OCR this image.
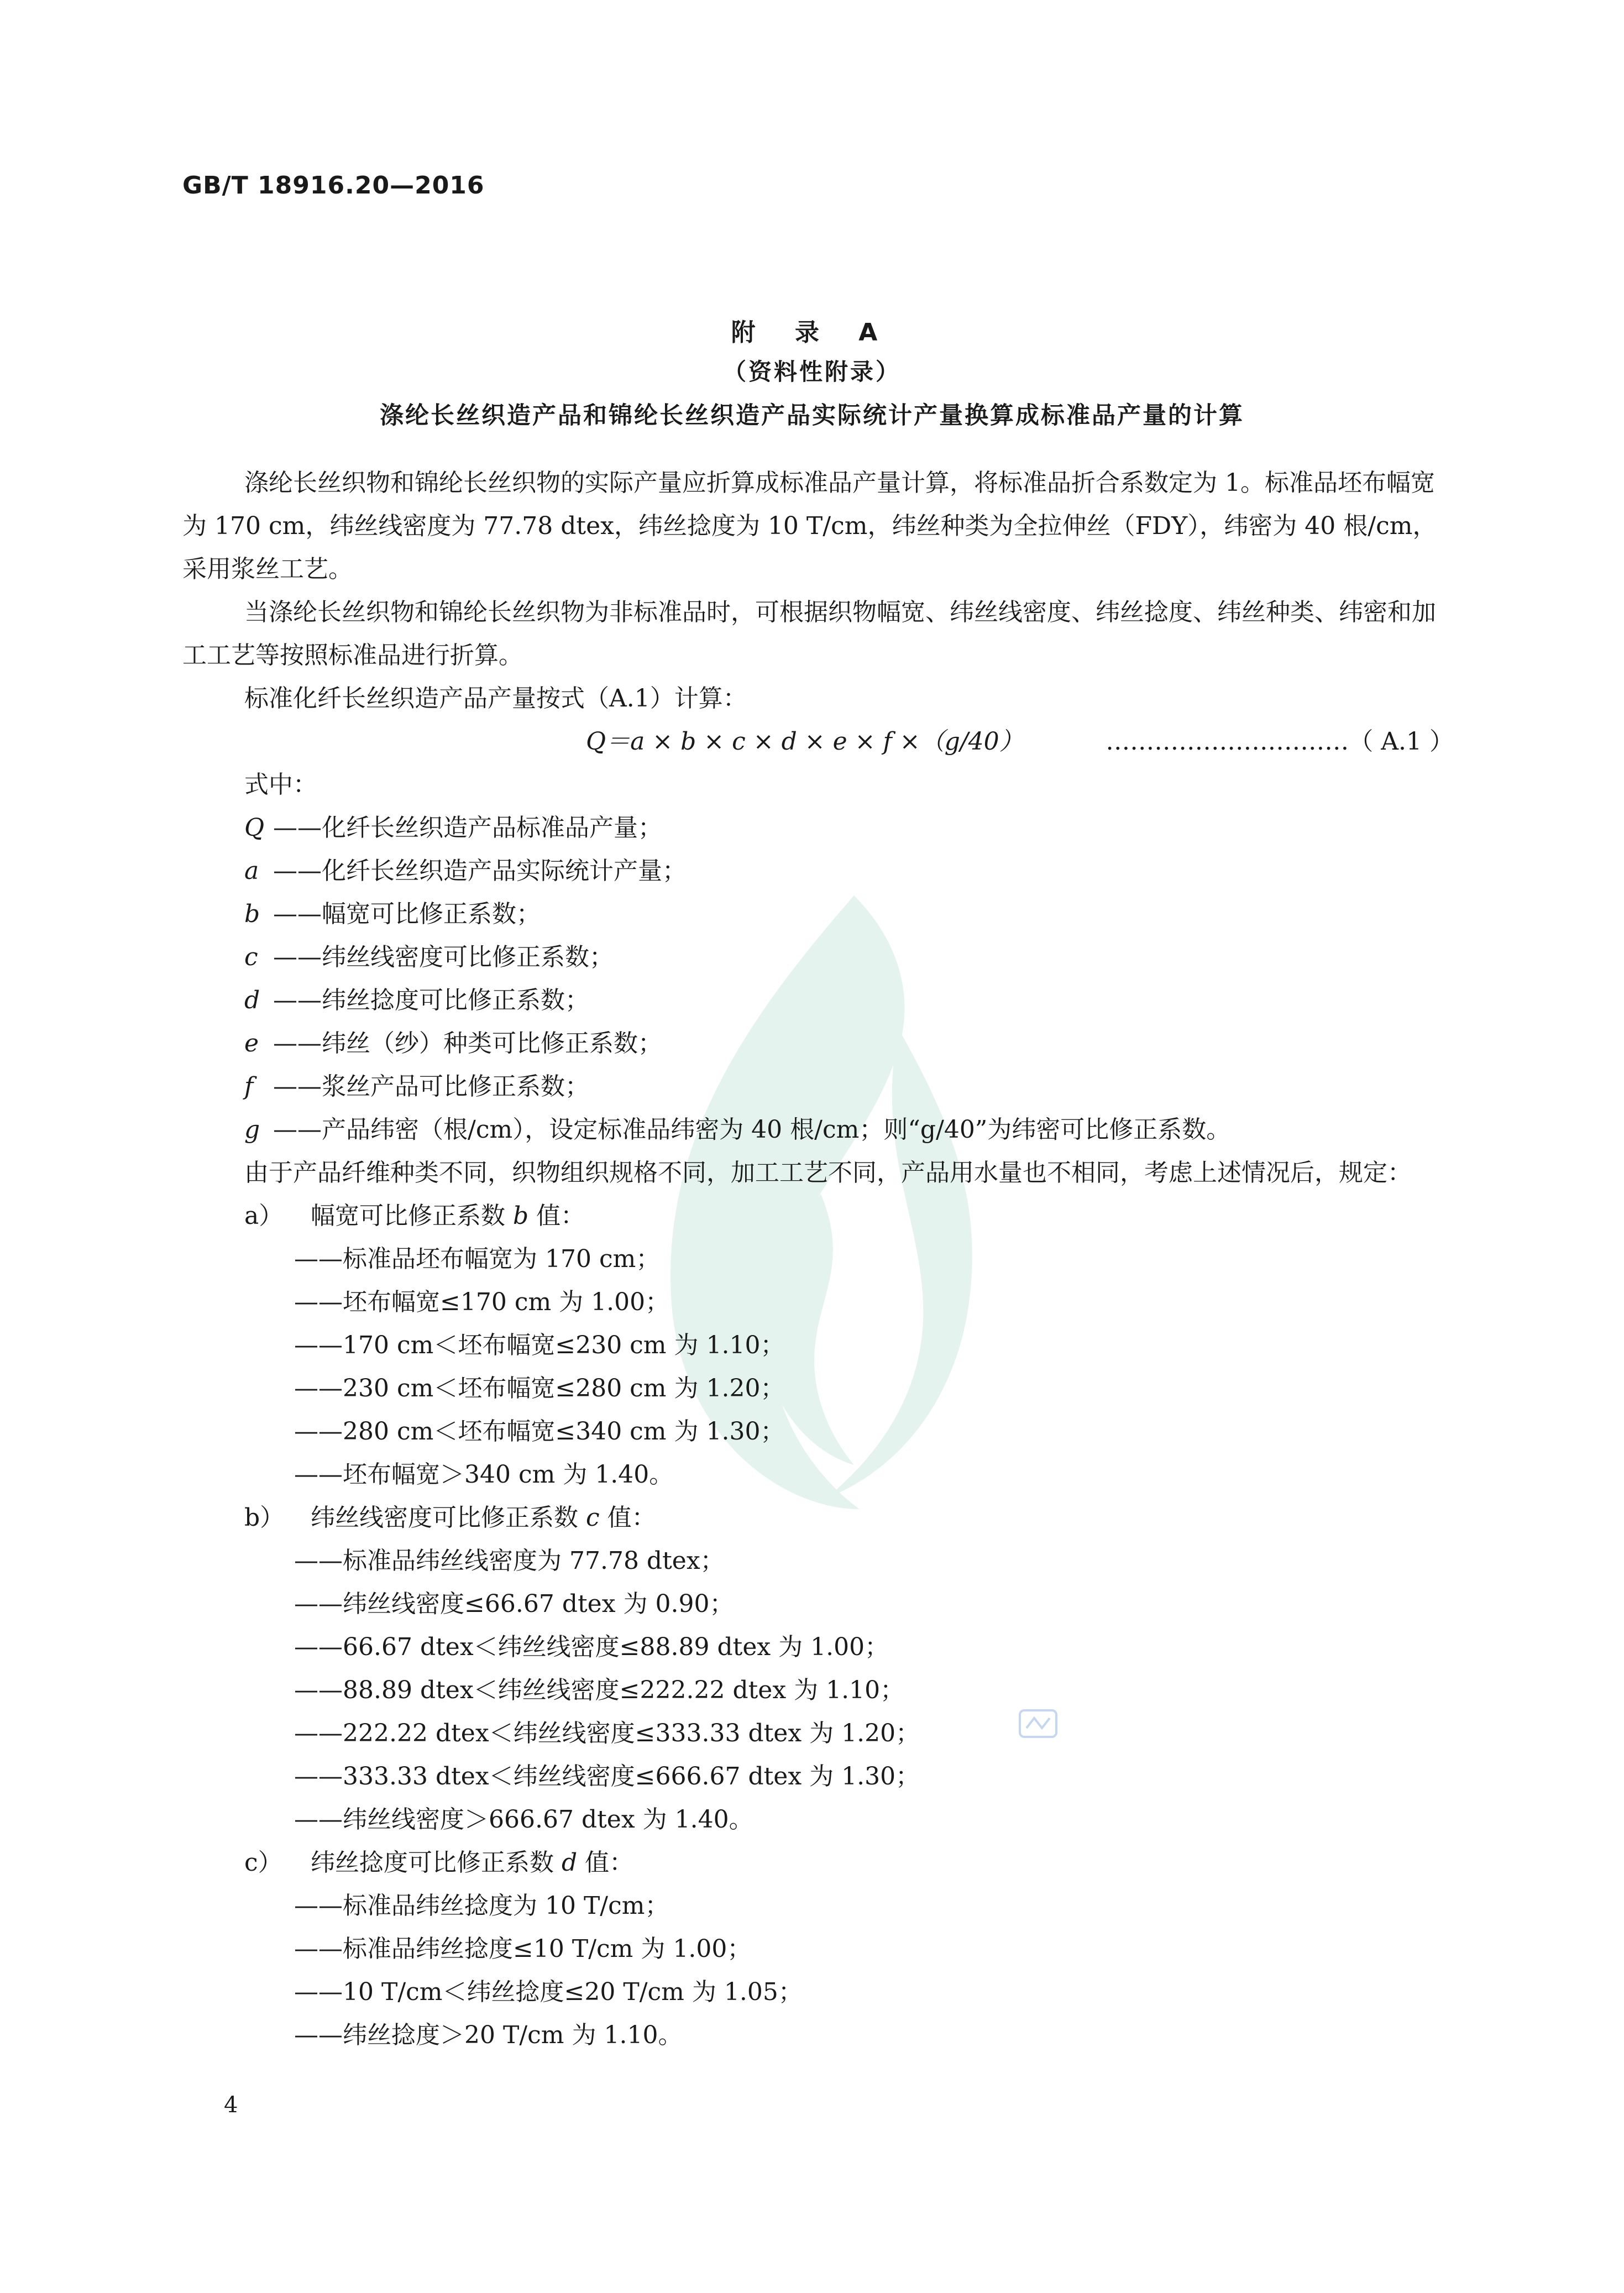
GB/T 18916.20—2016
附 录 A
（资料性附录）
涤纶长丝织造产品和锦纶长丝织造产品实际统计产量换算成标准品产量的计算

涤纶长丝织物和锦纶长丝织物的实际产量应折算成标准品产量计算，将标准品折合系数定为 1。标准品坯布幅宽为 170 cm，纬丝线密度为 77.78 dtex，纬丝捻度为 10 T/cm，纬丝种类为全拉伸丝（FDY），纬密为 40 根/cm，采用浆丝工艺。

当涤纶长丝织物和锦纶长丝织物为非标准品时，可根据织物幅宽、纬丝线密度、纬丝捻度、纬丝种类、纬密和加工工艺等按照标准品进行折算。

标准化纤长丝织造产品产量按式（A.1）计算：

Q＝a × b × c × d × e × f ×（g/40）	…………………………（ A.1 ）

式中：

Q ——化纤长丝织造产品标准品产量；
a ——化纤长丝织造产品实际统计产量；
b ——幅宽可比修正系数；
c ——纬丝线密度可比修正系数；
d ——纬丝捻度可比修正系数；
e ——纬丝（纱）种类可比修正系数；
f ——浆丝产品可比修正系数；
g ——产品纬密（根/cm），设定标准品纬密为 40 根/cm；则“g/40”为纬密可比修正系数。

由于产品纤维种类不同，织物组织规格不同，加工工艺不同，产品用水量也不相同，考虑上述情况后，规定：

a） 幅宽可比修正系数 b 值：
——标准品坯布幅宽为 170 cm；
——坯布幅宽≤170 cm 为 1.00；
——170 cm＜坯布幅宽≤230 cm 为 1.10；
——230 cm＜坯布幅宽≤280 cm 为 1.20；
——280 cm＜坯布幅宽≤340 cm 为 1.30；
——坯布幅宽＞340 cm 为 1.40。
b） 纬丝线密度可比修正系数 c 值：
——标准品纬丝线密度为 77.78 dtex；
——纬丝线密度≤66.67 dtex 为 0.90；
——66.67 dtex＜纬丝线密度≤88.89 dtex 为 1.00；
——88.89 dtex＜纬丝线密度≤222.22 dtex 为 1.10；
——222.22 dtex＜纬丝线密度≤333.33 dtex 为 1.20；
——333.33 dtex＜纬丝线密度≤666.67 dtex 为 1.30；
——纬丝线密度＞666.67 dtex 为 1.40。
c） 纬丝捻度可比修正系数 d 值：
——标准品纬丝捻度为 10 T/cm；
——标准品纬丝捻度≤10 T/cm 为 1.00；
——10 T/cm＜纬丝捻度≤20 T/cm 为 1.05；
——纬丝捻度＞20 T/cm 为 1.10。
4
